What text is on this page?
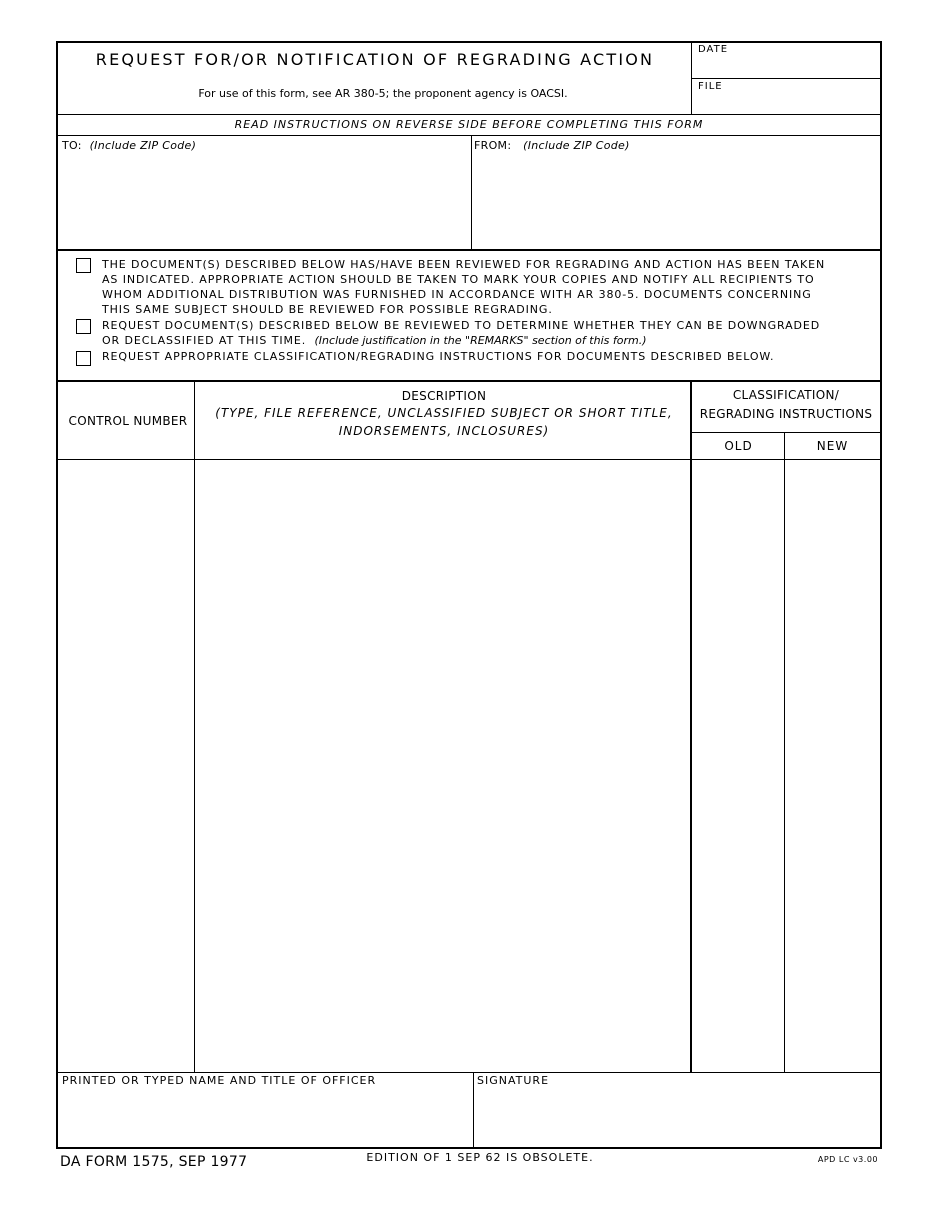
REQUEST FOR/OR NOTIFICATION OF REGRADING ACTION
For use of this form, see AR 380-5; the proponent agency is OACSI.
DATE
FILE
READ INSTRUCTIONS ON REVERSE SIDE BEFORE COMPLETING THIS FORM
TO: (Include ZIP Code)	FROM: (Include ZIP Code)
THE DOCUMENT(S) DESCRIBED BELOW HAS/HAVE BEEN REVIEWED FOR REGRADING AND ACTION HAS BEEN TAKEN AS INDICATED. APPROPRIATE ACTION SHOULD BE TAKEN TO MARK YOUR COPIES AND NOTIFY ALL RECIPIENTS TO WHOM ADDITIONAL DISTRIBUTION WAS FURNISHED IN ACCORDANCE WITH AR 380-5. DOCUMENTS CONCERNING THIS SAME SUBJECT SHOULD BE REVIEWED FOR POSSIBLE REGRADING.
REQUEST DOCUMENT(S) DESCRIBED BELOW BE REVIEWED TO DETERMINE WHETHER THEY CAN BE DOWNGRADED OR DECLASSIFIED AT THIS TIME. (Include justification in the "REMARKS" section of this form.)
REQUEST APPROPRIATE CLASSIFICATION/REGRADING INSTRUCTIONS FOR DOCUMENTS DESCRIBED BELOW.
CONTROL NUMBER
DESCRIPTION
(TYPE, FILE REFERENCE, UNCLASSIFIED SUBJECT OR SHORT TITLE,
INDORSEMENTS, INCLOSURES)
CLASSIFICATION/
REGRADING INSTRUCTIONS
OLD	NEW
PRINTED OR TYPED NAME AND TITLE OF OFFICER	SIGNATURE
DA FORM 1575, SEP 1977	EDITION OF 1 SEP 62 IS OBSOLETE.	APD LC v3.00
